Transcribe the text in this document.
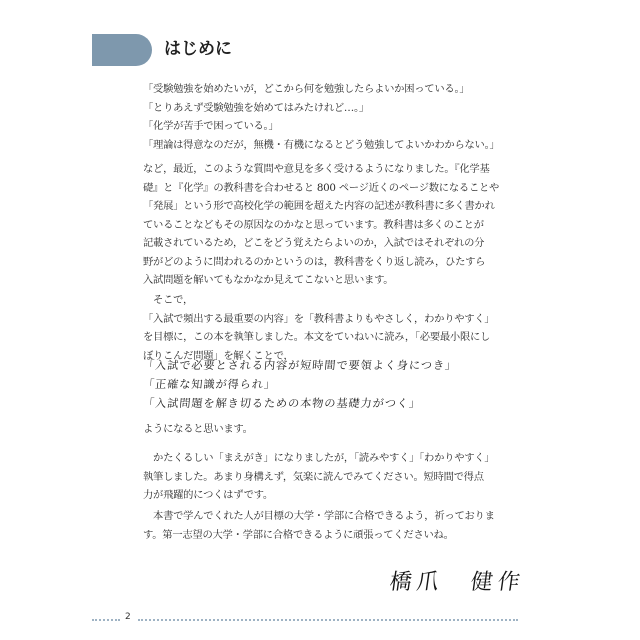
はじめに
「受験勉強を始めたいが，どこから何を勉強したらよいか困っている。」
「とりあえず受験勉強を始めてはみたけれど…。」
「化学が苦手で困っている。」
「理論は得意なのだが，無機・有機になるとどう勉強してよいかわからない。」
など，最近，このような質問や意見を多く受けるようになりました。『化学基
礎』と『化学』の教科書を合わせると 800 ページ近くのページ数になることや
「発展」という形で高校化学の範囲を超えた内容の記述が教科書に多く書かれ
ていることなどもその原因なのかなと思っています。教科書は多くのことが
記載されているため，どこをどう覚えたらよいのか，入試ではそれぞれの分
野がどのように問われるのかというのは，教科書をくり返し読み，ひたすら
入試問題を解いてもなかなか見えてこないと思います。
　そこで，
「入試で頻出する最重要の内容」を「教科書よりもやさしく，わかりやすく」
を目標に，この本を執筆しました。本文をていねいに読み，「必要最小限にし
ぼりこんだ問題」を解くことで，
「入試で必要とされる内容が短時間で要領よく身につき」
「正確な知識が得られ」
「入試問題を解き切るための本物の基礎力がつく」
ようになると思います。
　かたくるしい「まえがき」になりましたが，「読みやすく」「わかりやすく」
執筆しました。あまり身構えず，気楽に読んでみてください。短時間で得点
力が飛躍的につくはずです。
　本書で学んでくれた人が目標の大学・学部に合格できるよう，祈っておりま
す。第一志望の大学・学部に合格できるように頑張ってくださいね。
橋爪　健作
2
